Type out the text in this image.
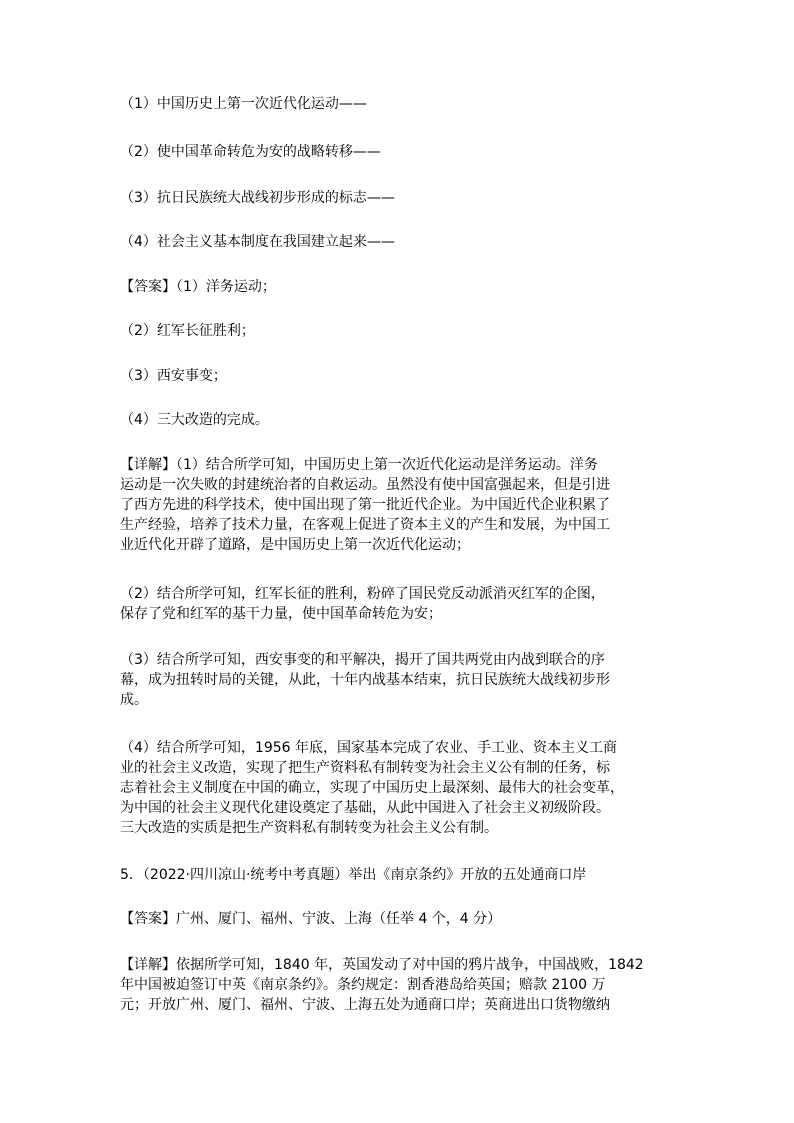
（1）中国历史上第一次近代化运动——
（2）使中国革命转危为安的战略转移——
（3）抗日民族统大战线初步形成的标志——
（4）社会主义基本制度在我国建立起来——
【答案】（1）洋务运动；
（2）红军长征胜利；
（3）西安事变；
（4）三大改造的完成。
【详解】（1）结合所学可知，中国历史上第一次近代化运动是洋务运动。洋务
运动是一次失败的封建统治者的自救运动。虽然没有使中国富强起来，但是引进
了西方先进的科学技术，使中国出现了第一批近代企业。为中国近代企业积累了
生产经验，培养了技术力量，在客观上促进了资本主义的产生和发展，为中国工
业近代化开辟了道路，是中国历史上第一次近代化运动；
（2）结合所学可知，红军长征的胜利，粉碎了国民党反动派消灭红军的企图，
保存了党和红军的基干力量，使中国革命转危为安；
（3）结合所学可知，西安事变的和平解决，揭开了国共两党由内战到联合的序
幕，成为扭转时局的关键，从此，十年内战基本结束，抗日民族统大战线初步形
成。
（4）结合所学可知，1956 年底，国家基本完成了农业、手工业、资本主义工商
业的社会主义改造，实现了把生产资料私有制转变为社会主义公有制的任务，标
志着社会主义制度在中国的确立，实现了中国历史上最深刻、最伟大的社会变革，
为中国的社会主义现代化建设奠定了基础，从此中国进入了社会主义初级阶段。
三大改造的实质是把生产资料私有制转变为社会主义公有制。
5．（2022·四川凉山·统考中考真题）举出《南京条约》开放的五处通商口岸
【答案】广州、厦门、福州、宁波、上海（任举 4 个，4 分）
【详解】依据所学可知，1840 年，英国发动了对中国的鸦片战争，中国战败，1842
年中国被迫签订中英《南京条约》。条约规定：割香港岛给英国；赔款 2100 万
元；开放广州、厦门、福州、宁波、上海五处为通商口岸；英商进出口货物缴纳
